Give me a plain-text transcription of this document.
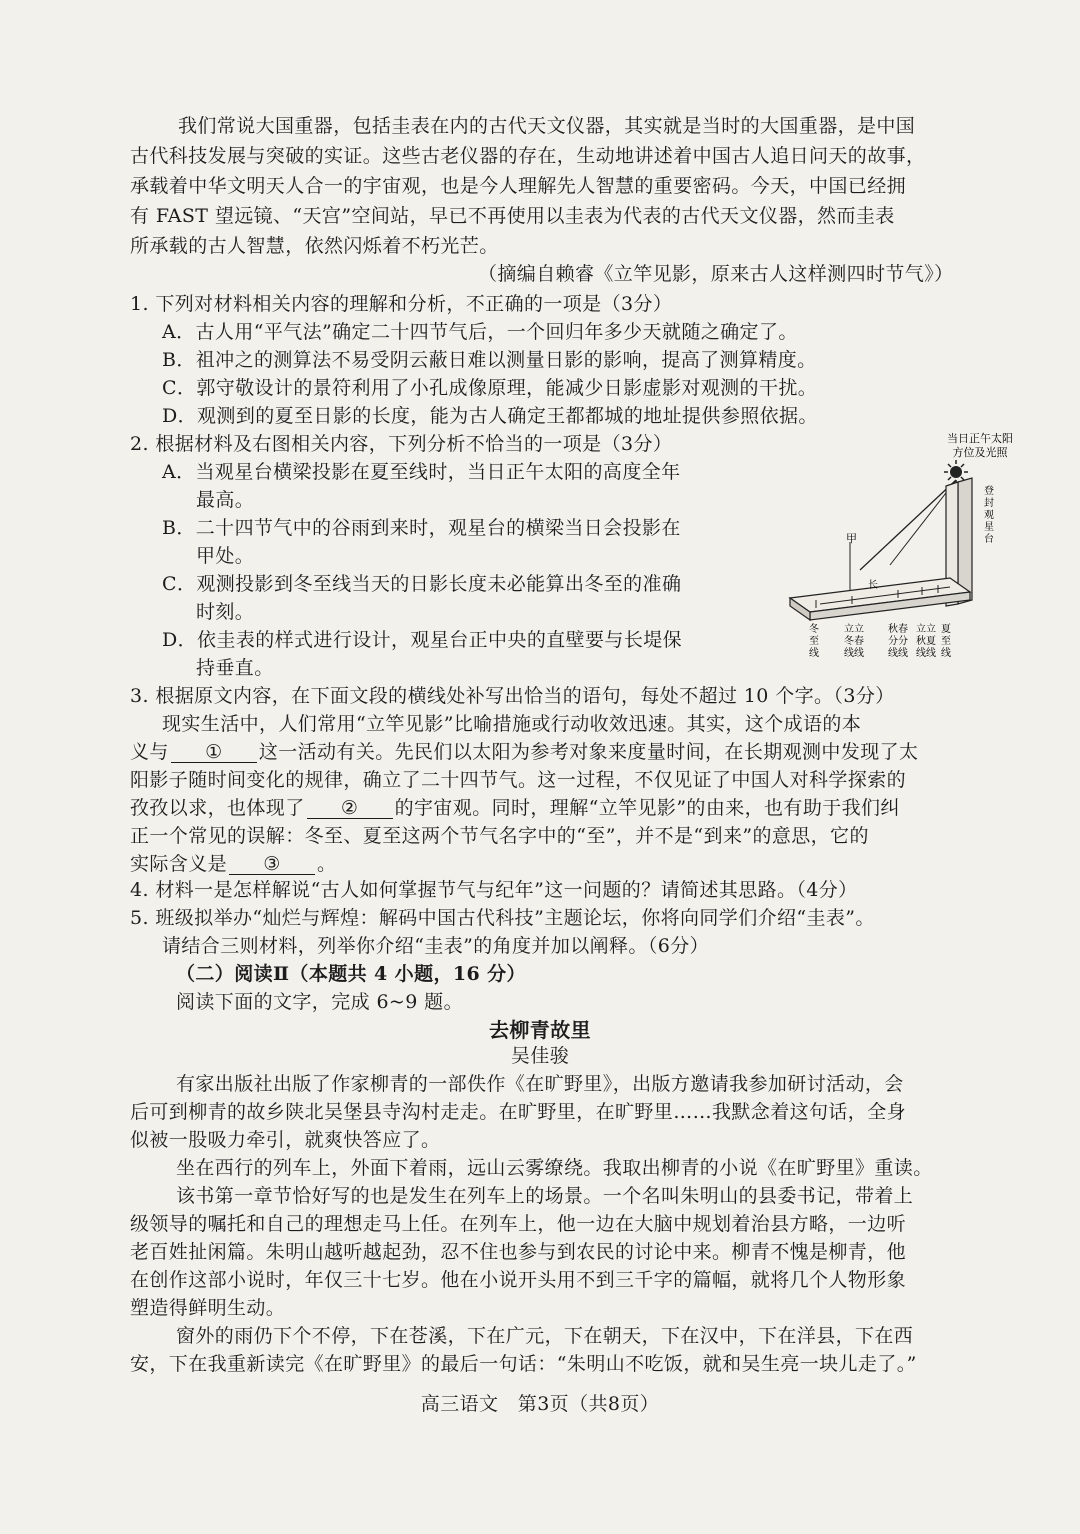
我们常说大国重器，包括圭表在内的古代天文仪器，其实就是当时的大国重器，是中国
古代科技发展与突破的实证。这些古老仪器的存在，生动地讲述着中国古人追日问天的故事，
承载着中华文明天人合一的宇宙观，也是今人理解先人智慧的重要密码。今天，中国已经拥
有 FAST 望远镜、“天宫”空间站，早已不再使用以圭表为代表的古代天文仪器，然而圭表
所承载的古人智慧，依然闪烁着不朽光芒。
（摘编自赖睿《立竿见影，原来古人这样测四时节气》）
1. 下列对材料相关内容的理解和分析，不正确的一项是（3分）
A．古人用“平气法”确定二十四节气后，一个回归年多少天就随之确定了。
B．祖冲之的测算法不易受阴云蔽日难以测量日影的影响，提高了测算精度。
C．郭守敬设计的景符利用了小孔成像原理，能减少日影虚影对观测的干扰。
D．观测到的夏至日影的长度，能为古人确定王都都城的地址提供参照依据。
2. 根据材料及右图相关内容，下列分析不恰当的一项是（3分）
A．当观星台横梁投影在夏至线时，当日正午太阳的高度全年
最高。
B．二十四节气中的谷雨到来时，观星台的横梁当日会投影在
甲处。
C．观测投影到冬至线当天的日影长度未必能算出冬至的准确
时刻。
D．依圭表的样式进行设计，观星台正中央的直壁要与长堤保
持垂直。
当日正午太阳
方位及光照
登封观星台
甲
长
冬至线
立立冬春线线
秋春分分线线
立立秋夏线线
夏至线
3. 根据原文内容，在下面文段的横线处补写出恰当的语句，每处不超过 10 个字。（3分）
现实生活中，人们常用“立竿见影”比喻措施或行动收效迅速。其实，这个成语的本
义与 ① 这一活动有关。先民们以太阳为参考对象来度量时间，在长期观测中发现了太
阳影子随时间变化的规律，确立了二十四节气。这一过程，不仅见证了中国人对科学探索的
孜孜以求，也体现了 ② 的宇宙观。同时，理解“立竿见影”的由来，也有助于我们纠
正一个常见的误解：冬至、夏至这两个节气名字中的“至”，并不是“到来”的意思，它的
实际含义是 ③ 。
4. 材料一是怎样解说“古人如何掌握节气与纪年”这一问题的？请简述其思路。（4分）
5. 班级拟举办“灿烂与辉煌：解码中国古代科技”主题论坛，你将向同学们介绍“圭表”。
请结合三则材料，列举你介绍“圭表”的角度并加以阐释。（6分）
（二）阅读Ⅱ（本题共 4 小题，16 分）
阅读下面的文字，完成 6~9 题。
去柳青故里
吴佳骏
有家出版社出版了作家柳青的一部佚作《在旷野里》，出版方邀请我参加研讨活动，会
后可到柳青的故乡陕北吴堡县寺沟村走走。在旷野里，在旷野里……我默念着这句话，全身
似被一股吸力牵引，就爽快答应了。
坐在西行的列车上，外面下着雨，远山云雾缭绕。我取出柳青的小说《在旷野里》重读。
该书第一章节恰好写的也是发生在列车上的场景。一个名叫朱明山的县委书记，带着上
级领导的嘱托和自己的理想走马上任。在列车上，他一边在大脑中规划着治县方略，一边听
老百姓扯闲篇。朱明山越听越起劲，忍不住也参与到农民的讨论中来。柳青不愧是柳青，他
在创作这部小说时，年仅三十七岁。他在小说开头用不到三千字的篇幅，就将几个人物形象
塑造得鲜明生动。
窗外的雨仍下个不停，下在苍溪，下在广元，下在朝天，下在汉中，下在洋县，下在西
安，下在我重新读完《在旷野里》的最后一句话：“朱明山不吃饭，就和吴生亮一块儿走了。”
高三语文　第3页（共8页）
